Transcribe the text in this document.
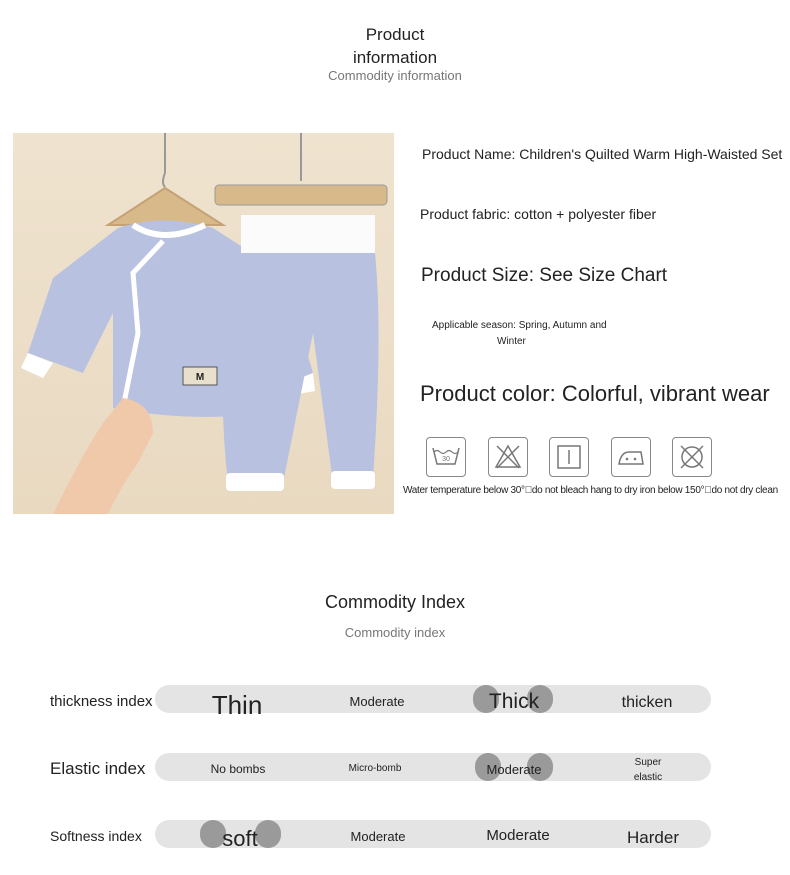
Product
information
Commodity information
M
Product Name: Children's Quilted Warm High-Waisted Set
Product fabric: cotton + polyester fiber
Product Size: See Size Chart
Applicable season: Spring, Autumn and
Winter
Product color: Colorful, vibrant wear
30
Water temperature below 30° do not bleach hang to dry iron below 150° do not dry clean
Commodity Index
Commodity index
thickness index	Thin	Moderate	Thick	thicken
Elastic index	No bombs	Micro-bomb	Moderate	Super elastic
Softness index	soft	Moderate	Moderate	Harder
